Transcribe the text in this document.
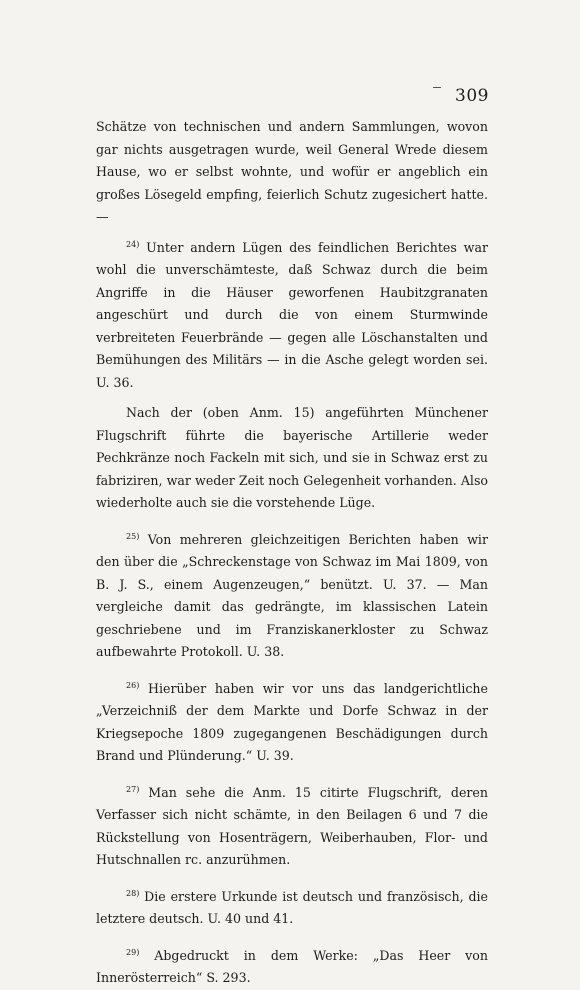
309

Schätze von technischen und andern Sammlungen, wovon gar nichts ausgetragen wurde, weil General Wrede diesem Hause, wo er selbst wohnte, und wofür er angeblich ein großes Lösegeld empfing, feierlich Schutz zugesichert hatte. —

$^{24)}$ Unter andern Lügen des feindlichen Berichtes war wohl die unverschämteste, daß Schwaz durch die beim Angriffe in die Häuser geworfenen Haubitzgranaten angeschürt und durch die von einem Sturmwinde verbreiteten Feuerbrände — gegen alle Löschanstalten und Bemühungen des Militärs — in die Asche gelegt worden sei. U. 36.

Nach der (oben Anm. 15) angeführten Münchener Flugschrift führte die bayerische Artillerie weder Pechkränze noch Fackeln mit sich, und sie in Schwaz erst zu fabriziren, war weder Zeit noch Gelegenheit vorhanden. Also wiederholte auch sie die vorstehende Lüge.

$^{25)}$ Von mehreren gleichzeitigen Berichten haben wir den über die „Schreckenstage von Schwaz im Mai 1809, von B. J. S., einem Augenzeugen,“ benützt. U. 37. — Man vergleiche damit das gedrängte, im klassischen Latein geschriebene und im Franziskanerkloster zu Schwaz aufbewahrte Protokoll. U. 38.

$^{26)}$ Hierüber haben wir vor uns das landgerichtliche „Verzeichniß der dem Markte und Dorfe Schwaz in der Kriegsepoche 1809 zugegangenen Beschädigungen durch Brand und Plünderung.“ U. 39.

$^{27)}$ Man sehe die Anm. 15 citirte Flugschrift, deren Verfasser sich nicht schämte, in den Beilagen 6 und 7 die Rückstellung von Hosenträgern, Weiberhauben, Flor- und Hutschnallen rc. anzurühmen.

$^{28)}$ Die erstere Urkunde ist deutsch und französisch, die letztere deutsch. U. 40 und 41.

$^{29)}$ Abgedruckt in dem Werke: „Das Heer von Innerösterreich“ S. 293.
